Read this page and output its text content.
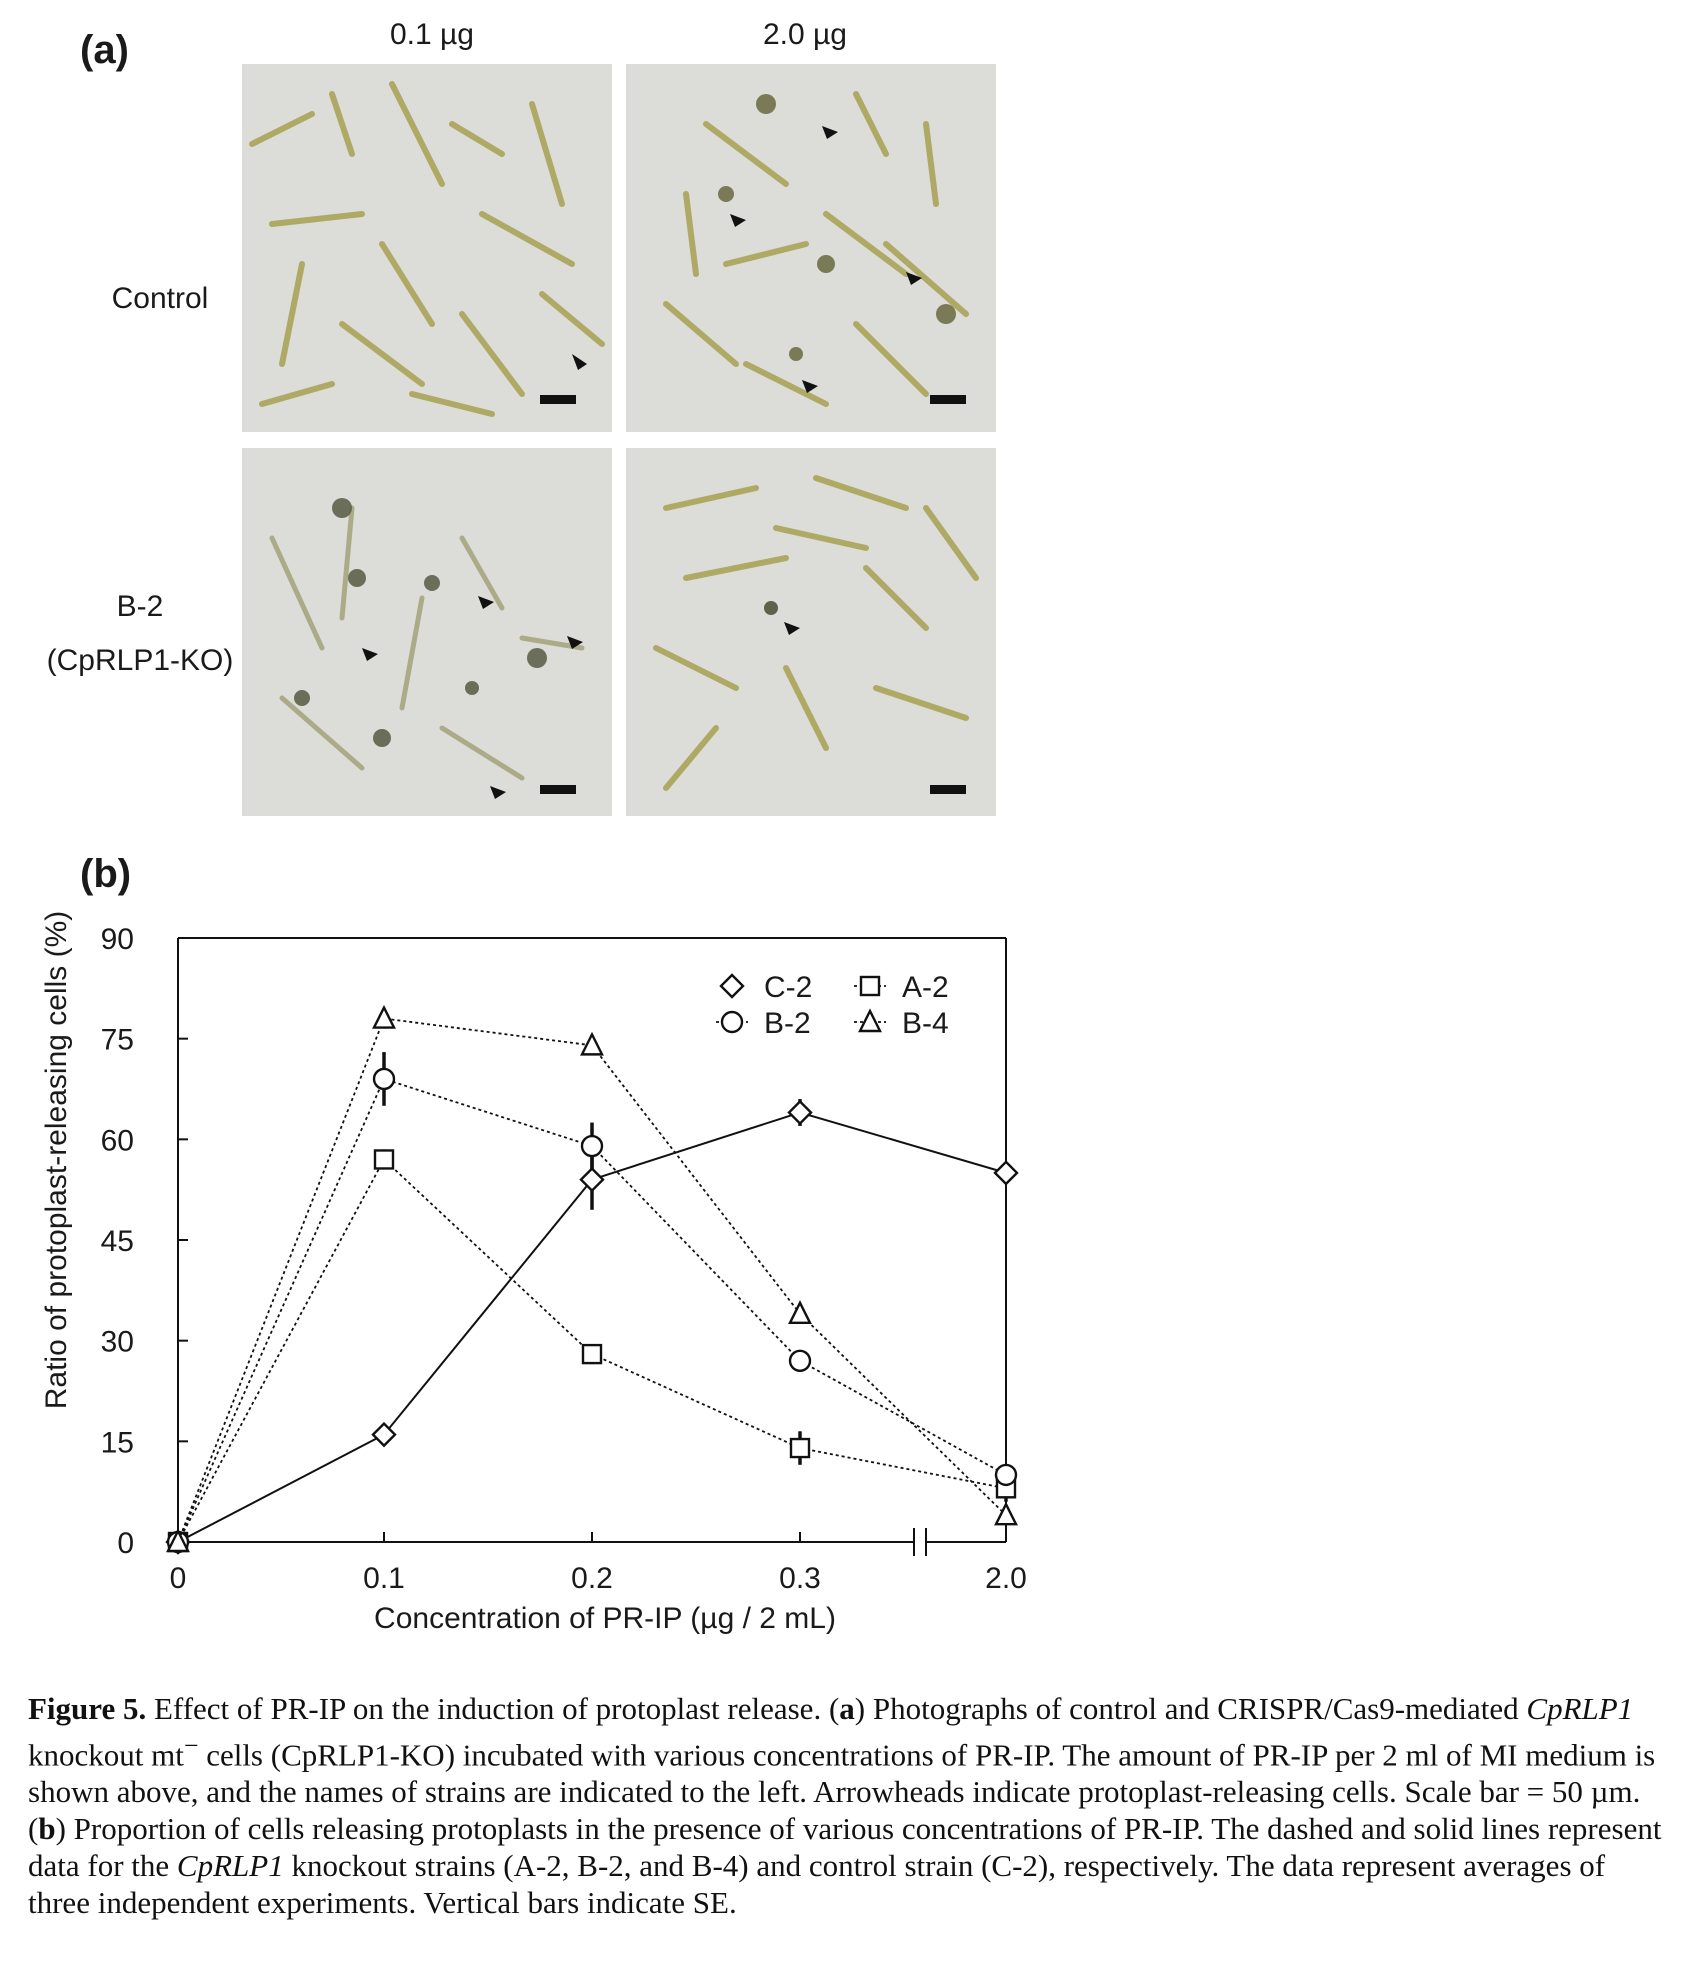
(a)	0.1 µg	2.0 µg
Control
B-2
(CpRLP1-KO)
(b)
0
15
30
45
60
75
90
0	0.1	0.2	0.3	2.0
C-2	A-2
B-2	B-4
Ratio of protoplast-releasing cells (%)
Concentration of PR-IP (µg / 2 mL)
Figure 5. Effect of PR-IP on the induction of protoplast release. (a) Photographs of control and CRISPR/Cas9-mediated CpRLP1 knockout mt− cells (CpRLP1-KO) incubated with various concentrations of PR-IP. The amount of PR-IP per 2 ml of MI medium is shown above, and the names of strains are indicated to the left. Arrowheads indicate protoplast-releasing cells. Scale bar = 50 µm. (b) Proportion of cells releasing protoplasts in the presence of various concentrations of PR-IP. The dashed and solid lines represent data for the CpRLP1 knockout strains (A-2, B-2, and B-4) and control strain (C-2), respectively. The data represent averages of three independent experiments. Vertical bars indicate SE.
